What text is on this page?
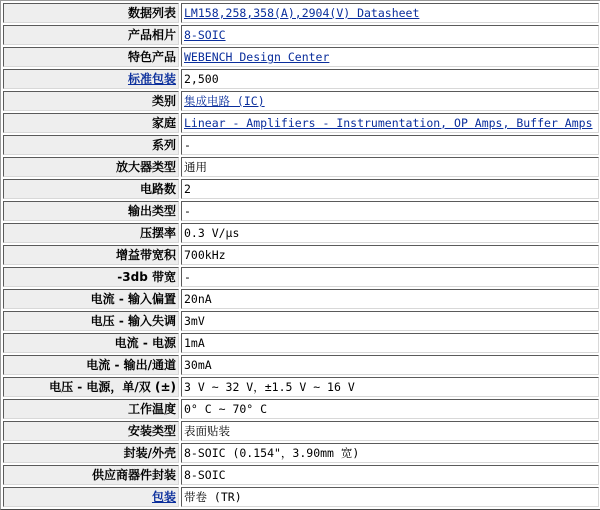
数据列表	LM158,258,358(A),2904(V) Datasheet
产品相片	8-SOIC
特色产品	WEBENCH Design Center
标准包装	2,500
类别	集成电路 (IC)
家庭	Linear - Amplifiers - Instrumentation, OP Amps, Buffer Amps
系列	-
放大器类型	通用
电路数	2
输出类型	-
压摆率	0.3 V/µs
增益带宽积	700kHz
-3db 带宽	-
电流 - 输入偏置	20nA
电压 - 输入失调	3mV
电流 - 电源	1mA
电流 - 输出/通道	30mA
电压 - 电源，单/双 (±)	3 V ~ 32 V，±1.5 V ~ 16 V
工作温度	0° C ~ 70° C
安装类型	表面贴装
封装/外壳	8-SOIC (0.154"，3.90mm 宽)
供应商器件封装	8-SOIC
包装	带卷 (TR)
